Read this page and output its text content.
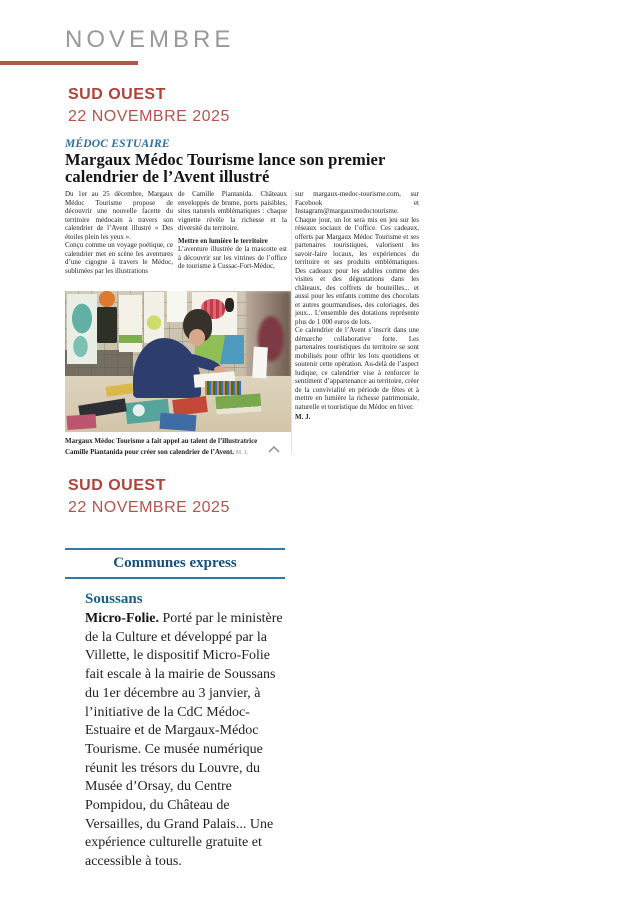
NOVEMBRE
SUD OUEST
22 NOVEMBRE 2025
MÉDOC ESTUAIRE
Margaux Médoc Tourisme lance son premier calendrier de l’Avent illustré

Du 1er au 25 décembre, Margaux Médoc Tourisme propose de découvrir une nouvelle facette du territoire médocain à travers son calendrier de l’Avent illustré « Des étoiles plein les yeux ».

Conçu comme un voyage poétique, ce calendrier met en scène les aventures d’une cigogne à travers le Médoc, sublimées par les illustrations

de Camille Piantanida. Châteaux enveloppés de brume, ports paisibles, sites naturels emblématiques : chaque vignette révèle la richesse et la diversité du territoire.

Mettre en lumière le territoire

L’aventure illustrée de la mascotte est à découvrir sur les vitrines de l’office de tourisme à Cussac-Fort-Médoc,

sur margaux-medoc-tourisme.com, sur Facebook et Instagram@margauxmedoctourisme.

Chaque jour, un lot sera mis en jeu sur les réseaux sociaux de l’office. Ces cadeaux, offerts par Margaux Médoc Tourisme et ses partenaires touristiques, valorisent les savoir-faire locaux, les expériences du territoire et ses produits emblématiques. Des cadeaux pour les adultes comme des visites et des dégustations dans les châteaux, des coffrets de bouteilles... et aussi pour les enfants comme des chocolats et autres gourmandises, des coloriages, des jeux... L’ensemble des dotations représente plus de 1 000 euros de lots.

Ce calendrier de l’Avent s’inscrit dans une démarche collaborative forte. Les partenaires touristiques du territoire se sont mobilisés pour offrir les lots quotidiens et soutenir cette opération. Au-delà de l’aspect ludique, ce calendrier vise à renforcer le sentiment d’appartenance au territoire, créer de la convivialité en période de fêtes et à mettre en lumière la richesse patrimoniale, naturelle et touristique du Médoc en hiver.

M. J.

Margaux Médoc Tourisme a fait appel au talent de l’illustratrice Camille Piantanida pour créer son calendrier de l’Avent. M. J.
SUD OUEST
22 NOVEMBRE 2025
Communes express
Soussans
Micro-Folie. Porté par le ministère de la Culture et développé par la Villette, le dispositif Micro-Folie fait escale à la mairie de Soussans du 1er décembre au 3 janvier, à l’initiative de la CdC Médoc-Estuaire et de Margaux-Médoc Tourisme. Ce musée numérique réunit les trésors du Louvre, du Musée d’Orsay, du Centre Pompidou, du Château de Versailles, du Grand Palais... Une expérience culturelle gratuite et accessible à tous.
